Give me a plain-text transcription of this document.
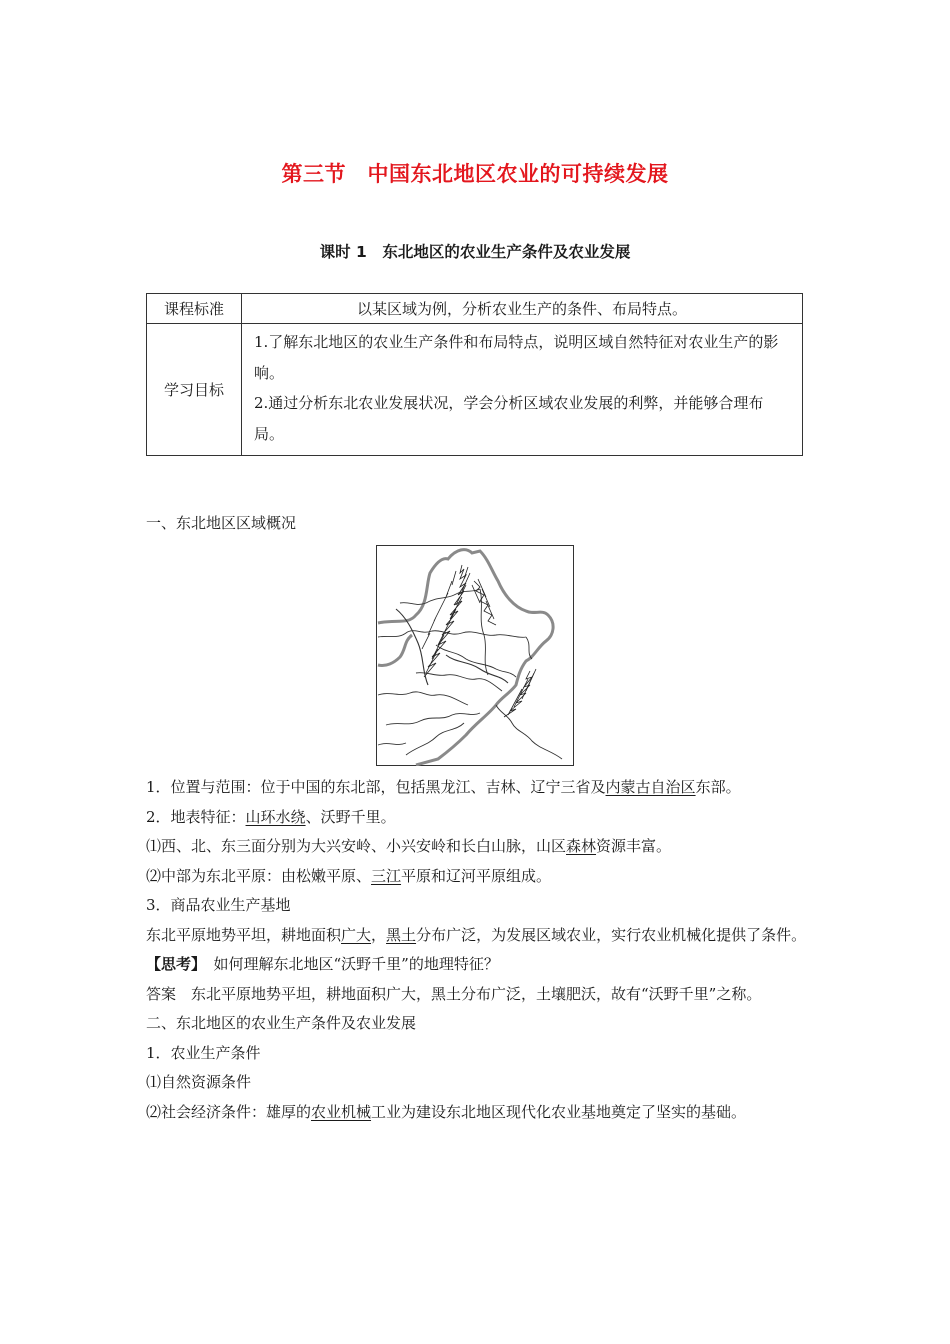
第三节　中国东北地区农业的可持续发展
课时 1　东北地区的农业生产条件及农业发展
课程标准	以某区域为例，分析农业生产的条件、布局特点。
学习目标	1.了解东北地区的农业生产条件和布局特点，说明区域自然特征对农业生产的影响。

2.通过分析东北农业发展状况，学会分析区域农业发展的利弊，并能够合理布局。

一、东北地区区域概况

1．位置与范围：位于中国的东北部，包括黑龙江、吉林、辽宁三省及内蒙古自治区东部。

2．地表特征：山环水绕、沃野千里。

⑴西、北、东三面分别为大兴安岭、小兴安岭和长白山脉，山区森林资源丰富。

⑵中部为东北平原：由松嫩平原、三江平原和辽河平原组成。

3．商品农业生产基地

东北平原地势平坦，耕地面积广大，黑土分布广泛，为发展区域农业，实行农业机械化提供了条件。

【思考】　如何理解东北地区“沃野千里”的地理特征？

答案　东北平原地势平坦，耕地面积广大，黑土分布广泛，土壤肥沃，故有“沃野千里”之称。

二、东北地区的农业生产条件及农业发展

1．农业生产条件

⑴自然资源条件

⑵社会经济条件：雄厚的农业机械工业为建设东北地区现代化农业基地奠定了坚实的基础。
